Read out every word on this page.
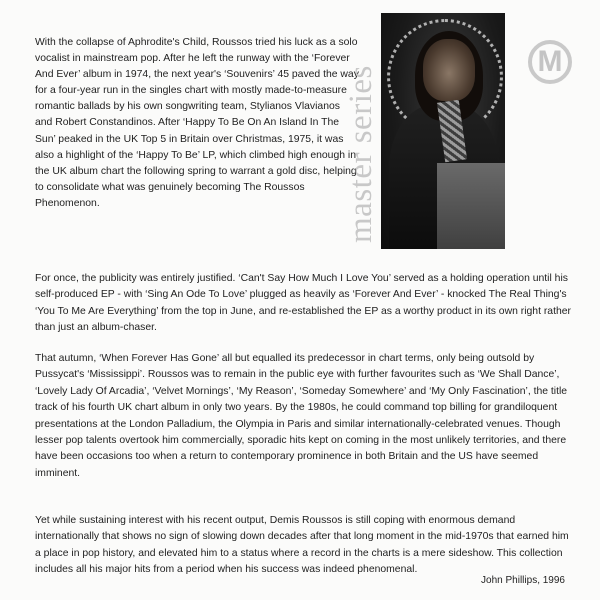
With the collapse of Aphrodite's Child, Roussos tried his luck as a solo vocalist in mainstream pop. After he left the runway with the ‘Forever And Ever’ album in 1974, the next year's ‘Souvenirs’ 45 paved the way for a four-year run in the singles chart with mostly made-to-measure romantic ballads by his own songwriting team, Stylianos Vlavianos and Robert Constandinos. After ‘Happy To Be On An Island In The Sun’ peaked in the UK Top 5 in Britain over Christmas, 1975, it was also a highlight of the ‘Happy To Be’ LP, which climbed high enough in the UK album chart the following spring to warrant a gold disc, helping to consolidate what was genuinely becoming The Roussos Phenomenon.	master series
M

For once, the publicity was entirely justified. ‘Can't Say How Much I Love You’ served as a holding operation until his self-produced EP - with ‘Sing An Ode To Love’ plugged as heavily as ‘Forever And Ever’ - knocked The Real Thing's ‘You To Me Are Everything’ from the top in June, and re-established the EP as a worthy product in its own right rather than just an album-chaser.

That autumn, ‘When Forever Has Gone’ all but equalled its predecessor in chart terms, only being outsold by Pussycat's ‘Mississippi’. Roussos was to remain in the public eye with further favourites such as ‘We Shall Dance’, ‘Lovely Lady Of Arcadia’, ‘Velvet Mornings’, ‘My Reason’, ‘Someday Somewhere’ and ‘My Only Fascination’, the title track of his fourth UK chart album in only two years. By the 1980s, he could command top billing for grandiloquent presentations at the London Palladium, the Olympia in Paris and similar internationally-celebrated venues. Though lesser pop talents overtook him commercially, sporadic hits kept on coming in the most unlikely territories, and there have been occasions too when a return to contemporary prominence in both Britain and the US have seemed imminent.

Yet while sustaining interest with his recent output, Demis Roussos is still coping with enormous demand internationally that shows no sign of slowing down decades after that long moment in the mid-1970s that earned him a place in pop history, and elevated him to a status where a record in the charts is a mere sideshow. This collection includes all his major hits from a period when his success was indeed phenomenal.

John Phillips, 1996
